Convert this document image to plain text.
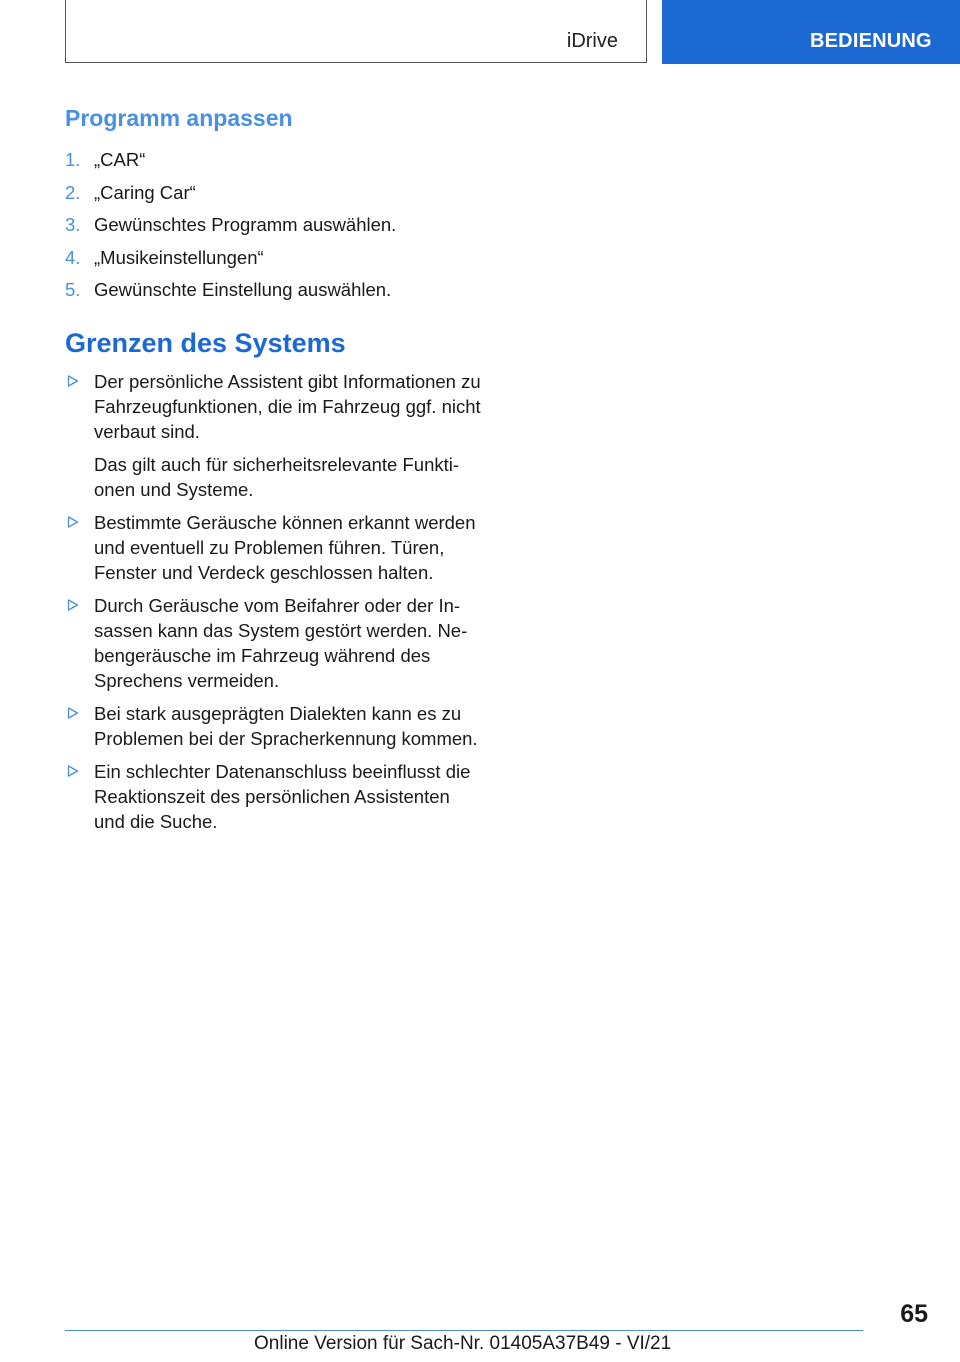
iDrive	BEDIENUNG
Programm anpassen
1. „CAR“
2. „Caring Car“
3. Gewünschtes Programm auswählen.
4. „Musikeinstellungen“
5. Gewünschte Einstellung auswählen.
Grenzen des Systems
Der persönliche Assistent gibt Informationen zu Fahrzeugfunktionen, die im Fahrzeug ggf. nicht verbaut sind.
Das gilt auch für sicherheitsrelevante Funktionen und Systeme.
Bestimmte Geräusche können erkannt werden und eventuell zu Problemen führen. Türen, Fenster und Verdeck geschlossen halten.
Durch Geräusche vom Beifahrer oder der Insassen kann das System gestört werden. Nebengeräusche im Fahrzeug während des Sprechens vermeiden.
Bei stark ausgeprägten Dialekten kann es zu Problemen bei der Spracherkennung kommen.
Ein schlechter Datenanschluss beeinflusst die Reaktionszeit des persönlichen Assistenten und die Suche.
65
Online Version für Sach-Nr. 01405A37B49 - VI/21
